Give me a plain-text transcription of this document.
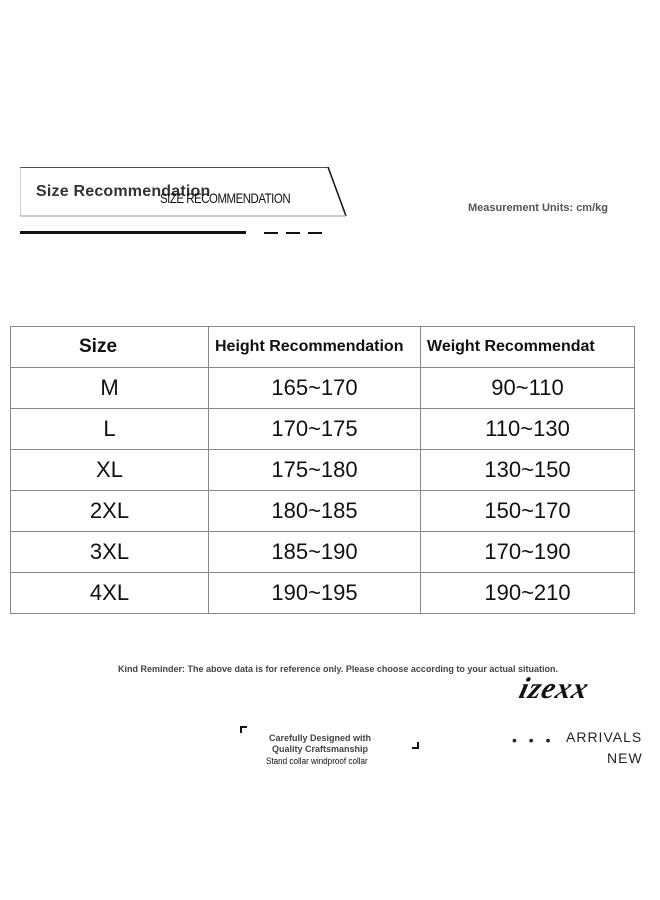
Size Recommendation
SIZE RECOMMENDATION
Measurement Units: cm/kg
Size	Height Recommendation	Weight Recommendat
M	165~170	90~110
L	170~175	110~130
XL	175~180	130~150
2XL	180~185	150~170
3XL	185~190	170~190
4XL	190~195	190~210
Kind Reminder: The above data is for reference only. Please choose according to your actual situation.
izexx
• • • ARRIVALS
NEW
Carefully Designed with
Quality Craftsmanship
Stand collar windproof collar
